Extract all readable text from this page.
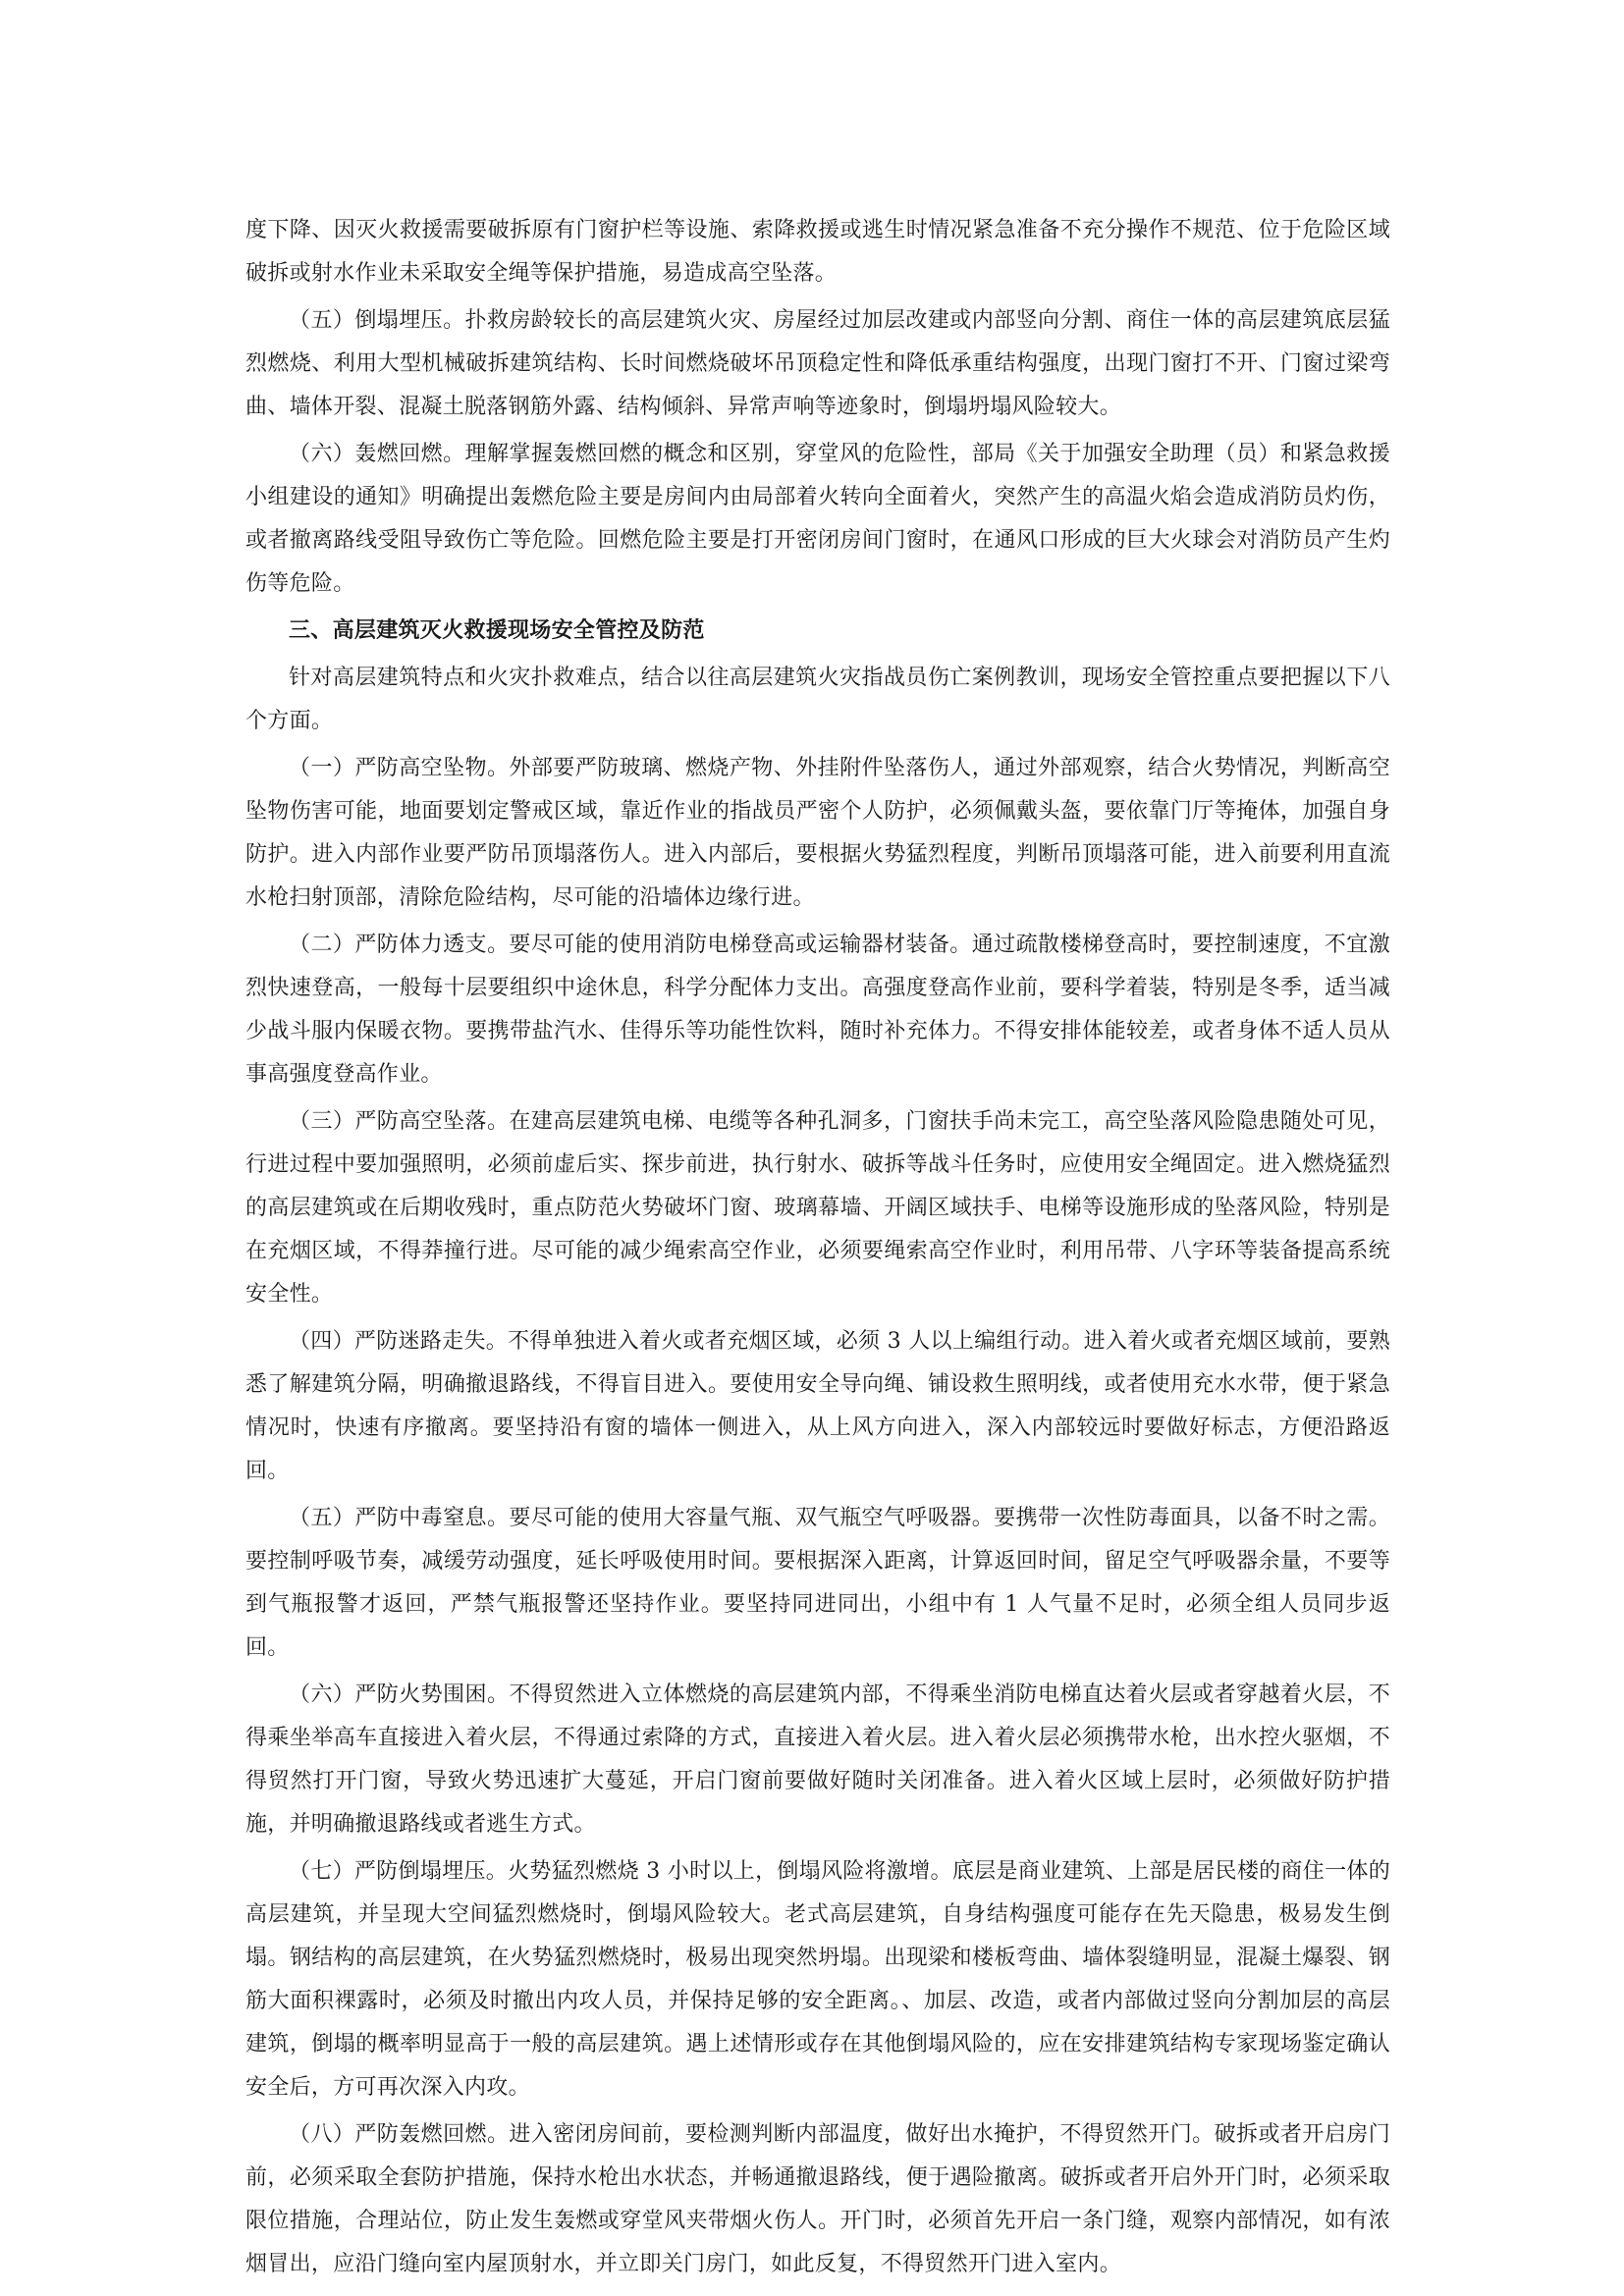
度下降、因灭火救援需要破拆原有门窗护栏等设施、索降救援或逃生时情况紧急准备不充分操作不规范、位于危险区域破拆或射水作业未采取安全绳等保护措施，易造成高空坠落。

（五）倒塌埋压。扑救房龄较长的高层建筑火灾、房屋经过加层改建或内部竖向分割、商住一体的高层建筑底层猛烈燃烧、利用大型机械破拆建筑结构、长时间燃烧破坏吊顶稳定性和降低承重结构强度，出现门窗打不开、门窗过梁弯曲、墙体开裂、混凝土脱落钢筋外露、结构倾斜、异常声响等迹象时，倒塌坍塌风险较大。

（六）轰燃回燃。理解掌握轰燃回燃的概念和区别，穿堂风的危险性，部局《关于加强安全助理（员）和紧急救援小组建设的通知》明确提出轰燃危险主要是房间内由局部着火转向全面着火，突然产生的高温火焰会造成消防员灼伤，或者撤离路线受阻导致伤亡等危险。回燃危险主要是打开密闭房间门窗时，在通风口形成的巨大火球会对消防员产生灼伤等危险。

三、高层建筑灭火救援现场安全管控及防范

针对高层建筑特点和火灾扑救难点，结合以往高层建筑火灾指战员伤亡案例教训，现场安全管控重点要把握以下八个方面。

（一）严防高空坠物。外部要严防玻璃、燃烧产物、外挂附件坠落伤人，通过外部观察，结合火势情况，判断高空坠物伤害可能，地面要划定警戒区域，靠近作业的指战员严密个人防护，必须佩戴头盔，要依靠门厅等掩体，加强自身防护。进入内部作业要严防吊顶塌落伤人。进入内部后，要根据火势猛烈程度，判断吊顶塌落可能，进入前要利用直流水枪扫射顶部，清除危险结构，尽可能的沿墙体边缘行进。

（二）严防体力透支。要尽可能的使用消防电梯登高或运输器材装备。通过疏散楼梯登高时，要控制速度，不宜激烈快速登高，一般每十层要组织中途休息，科学分配体力支出。高强度登高作业前，要科学着装，特别是冬季，适当减少战斗服内保暖衣物。要携带盐汽水、佳得乐等功能性饮料，随时补充体力。不得安排体能较差，或者身体不适人员从事高强度登高作业。

（三）严防高空坠落。在建高层建筑电梯、电缆等各种孔洞多，门窗扶手尚未完工，高空坠落风险隐患随处可见，行进过程中要加强照明，必须前虚后实、探步前进，执行射水、破拆等战斗任务时，应使用安全绳固定。进入燃烧猛烈的高层建筑或在后期收残时，重点防范火势破坏门窗、玻璃幕墙、开阔区域扶手、电梯等设施形成的坠落风险，特别是在充烟区域，不得莽撞行进。尽可能的减少绳索高空作业，必须要绳索高空作业时，利用吊带、八字环等装备提高系统安全性。

（四）严防迷路走失。不得单独进入着火或者充烟区域，必须 3 人以上编组行动。进入着火或者充烟区域前，要熟悉了解建筑分隔，明确撤退路线，不得盲目进入。要使用安全导向绳、铺设救生照明线，或者使用充水水带，便于紧急情况时，快速有序撤离。要坚持沿有窗的墙体一侧进入，从上风方向进入，深入内部较远时要做好标志，方便沿路返回。

（五）严防中毒窒息。要尽可能的使用大容量气瓶、双气瓶空气呼吸器。要携带一次性防毒面具，以备不时之需。要控制呼吸节奏，减缓劳动强度，延长呼吸使用时间。要根据深入距离，计算返回时间，留足空气呼吸器余量，不要等到气瓶报警才返回，严禁气瓶报警还坚持作业。要坚持同进同出，小组中有 1 人气量不足时，必须全组人员同步返回。

（六）严防火势围困。不得贸然进入立体燃烧的高层建筑内部，不得乘坐消防电梯直达着火层或者穿越着火层，不得乘坐举高车直接进入着火层，不得通过索降的方式，直接进入着火层。进入着火层必须携带水枪，出水控火驱烟，不得贸然打开门窗，导致火势迅速扩大蔓延，开启门窗前要做好随时关闭准备。进入着火区域上层时，必须做好防护措施，并明确撤退路线或者逃生方式。

（七）严防倒塌埋压。火势猛烈燃烧 3 小时以上，倒塌风险将激增。底层是商业建筑、上部是居民楼的商住一体的高层建筑，并呈现大空间猛烈燃烧时，倒塌风险较大。老式高层建筑，自身结构强度可能存在先天隐患，极易发生倒塌。钢结构的高层建筑，在火势猛烈燃烧时，极易出现突然坍塌。出现梁和楼板弯曲、墙体裂缝明显，混凝土爆裂、钢筋大面积裸露时，必须及时撤出内攻人员，并保持足够的安全距离。、加层、改造，或者内部做过竖向分割加层的高层建筑，倒塌的概率明显高于一般的高层建筑。遇上述情形或存在其他倒塌风险的，应在安排建筑结构专家现场鉴定确认安全后，方可再次深入内攻。

（八）严防轰燃回燃。进入密闭房间前，要检测判断内部温度，做好出水掩护，不得贸然开门。破拆或者开启房门前，必须采取全套防护措施，保持水枪出水状态，并畅通撤退路线，便于遇险撤离。破拆或者开启外开门时，必须采取限位措施，合理站位，防止发生轰燃或穿堂风夹带烟火伤人。开门时，必须首先开启一条门缝，观察内部情况，如有浓烟冒出，应沿门缝向室内屋顶射水，并立即关门房门，如此反复，不得贸然开门进入室内。
